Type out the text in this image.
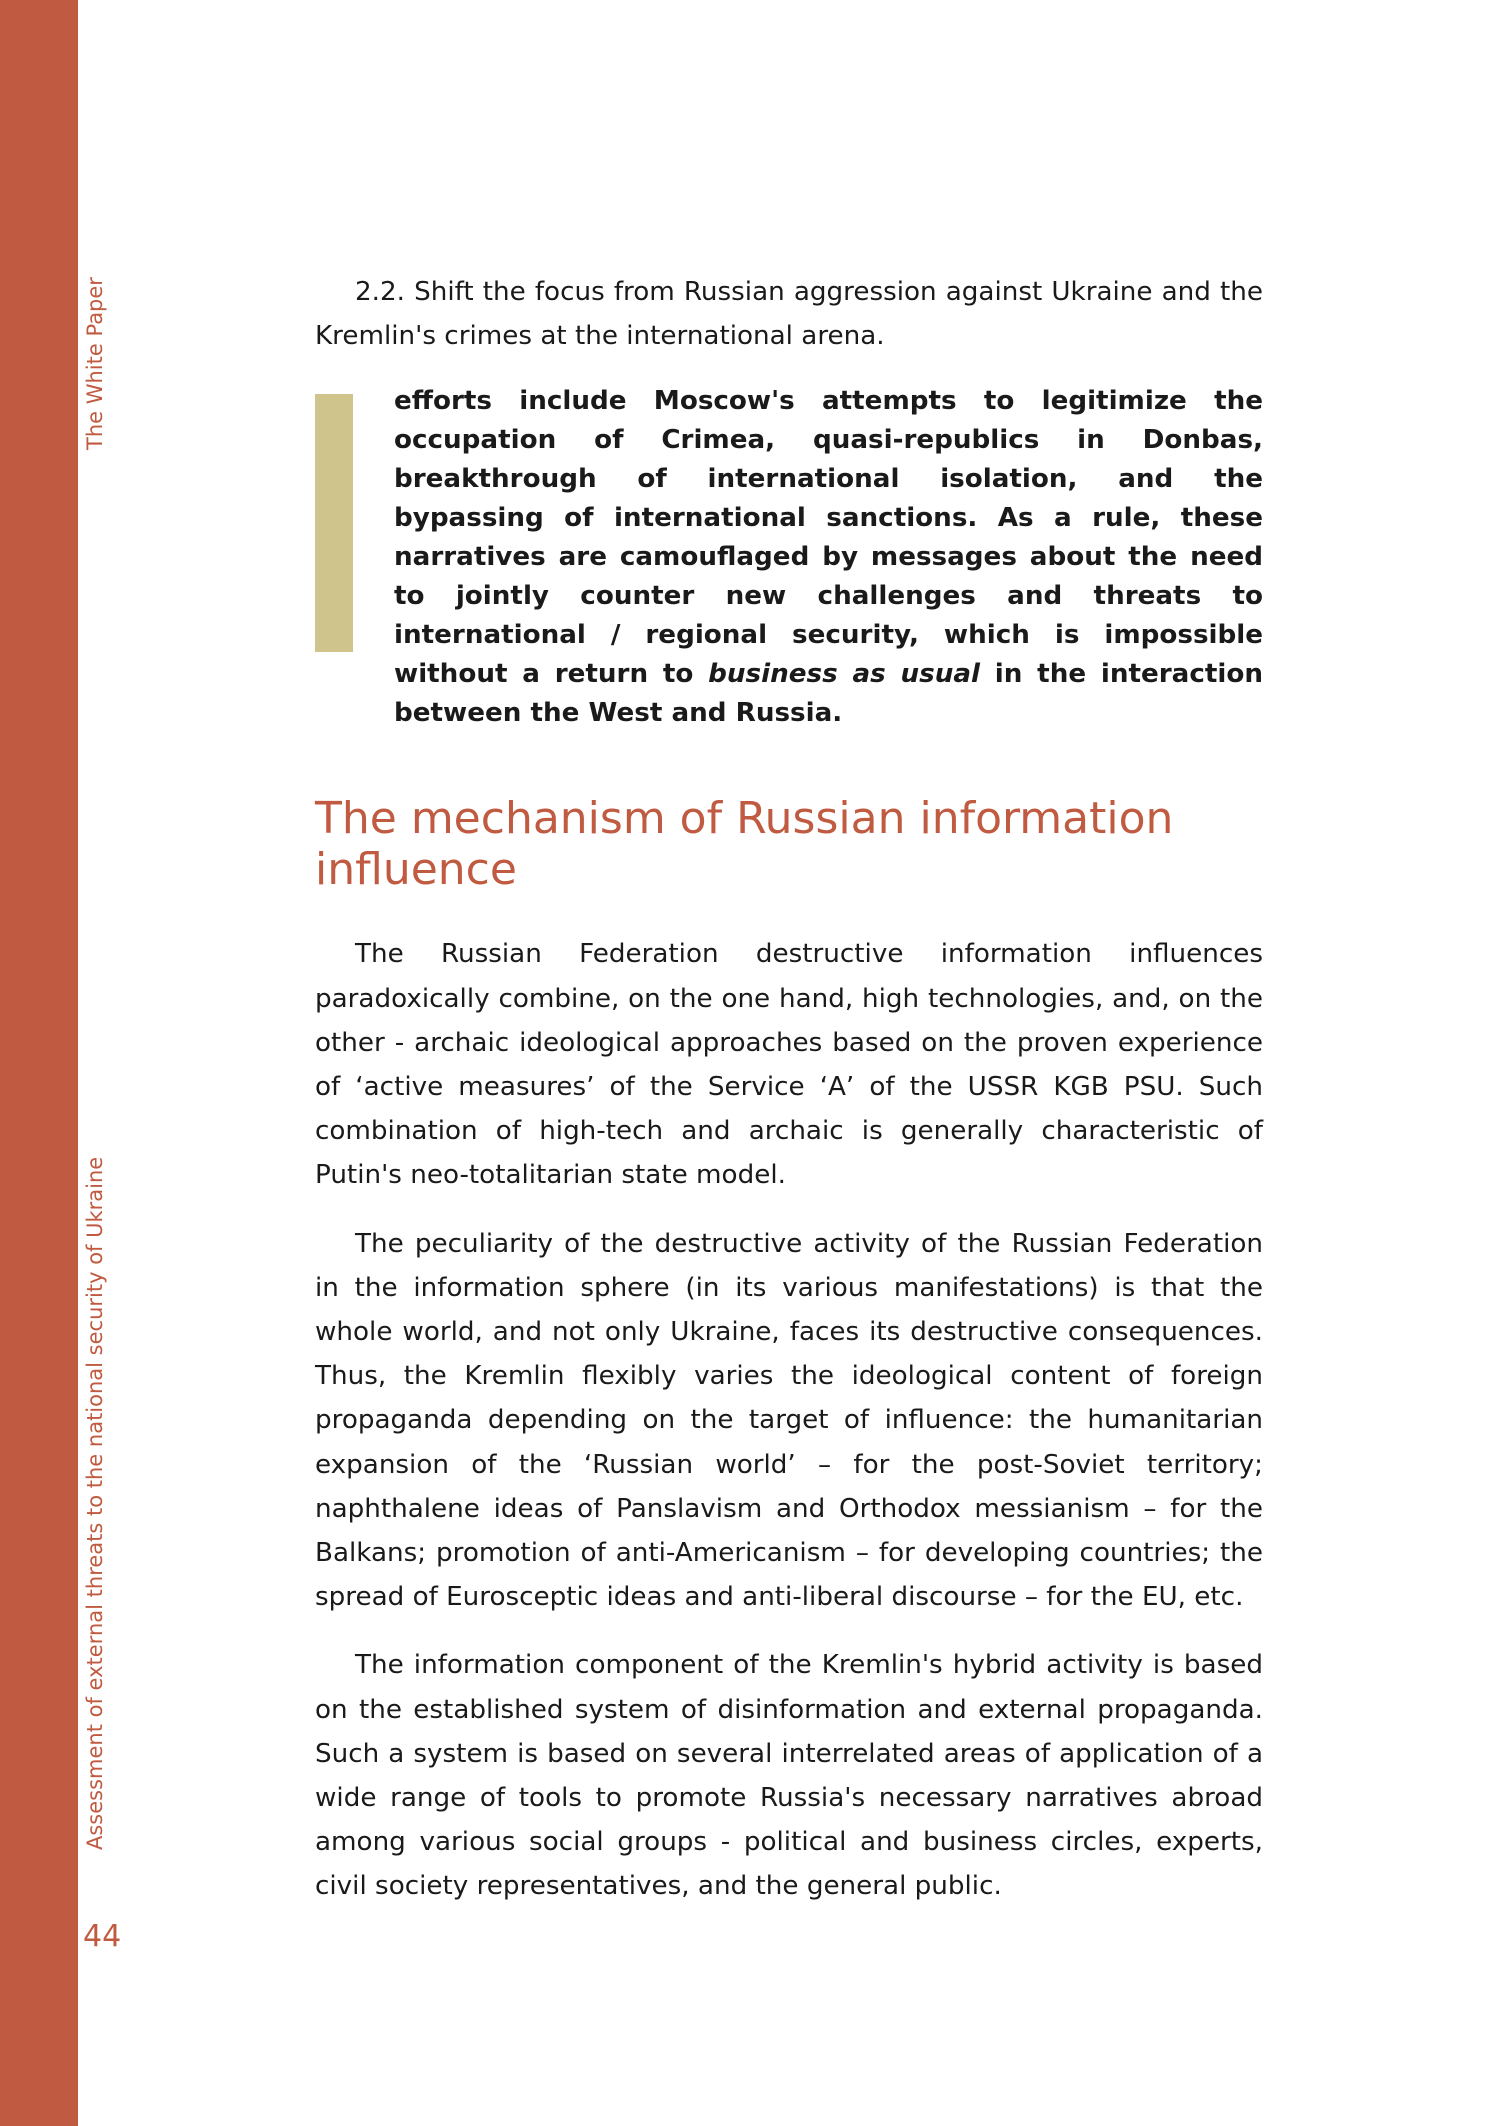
The White Paper
Assessment of external threats to the national security of Ukraine
44

2.2. Shift the focus from Russian aggression against Ukraine and the Kremlin's crimes at the international arena.

efforts include Moscow's attempts to legitimize the occupation of Crimea, quasi-republics in Donbas, breakthrough of international isolation, and the bypassing of international sanctions. As a rule, these narratives are camouflaged by messages about the need to jointly counter new challenges and threats to international / regional security, which is impossible without a return to business as usual in the interaction between the West and Russia.
The mechanism of Russian information influence

The Russian Federation destructive information influences paradoxically combine, on the one hand, high technologies, and, on the other - archaic ideological approaches based on the proven experience of ‘active measures’ of the Service ‘A’ of the USSR KGB PSU. Such combination of high-tech and archaic is generally characteristic of Putin's neo-totalitarian state model.

The peculiarity of the destructive activity of the Russian Federation in the information sphere (in its various manifestations) is that the whole world, and not only Ukraine, faces its destructive consequences. Thus, the Kremlin flexibly varies the ideological content of foreign propaganda depending on the target of influence: the humanitarian expansion of the ‘Russian world’ – for the post-Soviet territory; naphthalene ideas of Panslavism and Orthodox messianism – for the Balkans; promotion of anti-Americanism – for developing countries; the spread of Eurosceptic ideas and anti-liberal discourse – for the EU, etc.

The information component of the Kremlin's hybrid activity is based on the established system of disinformation and external propaganda. Such a system is based on several interrelated areas of application of a wide range of tools to promote Russia's necessary narratives abroad among various social groups - political and business circles, experts, civil society representatives, and the general public.
